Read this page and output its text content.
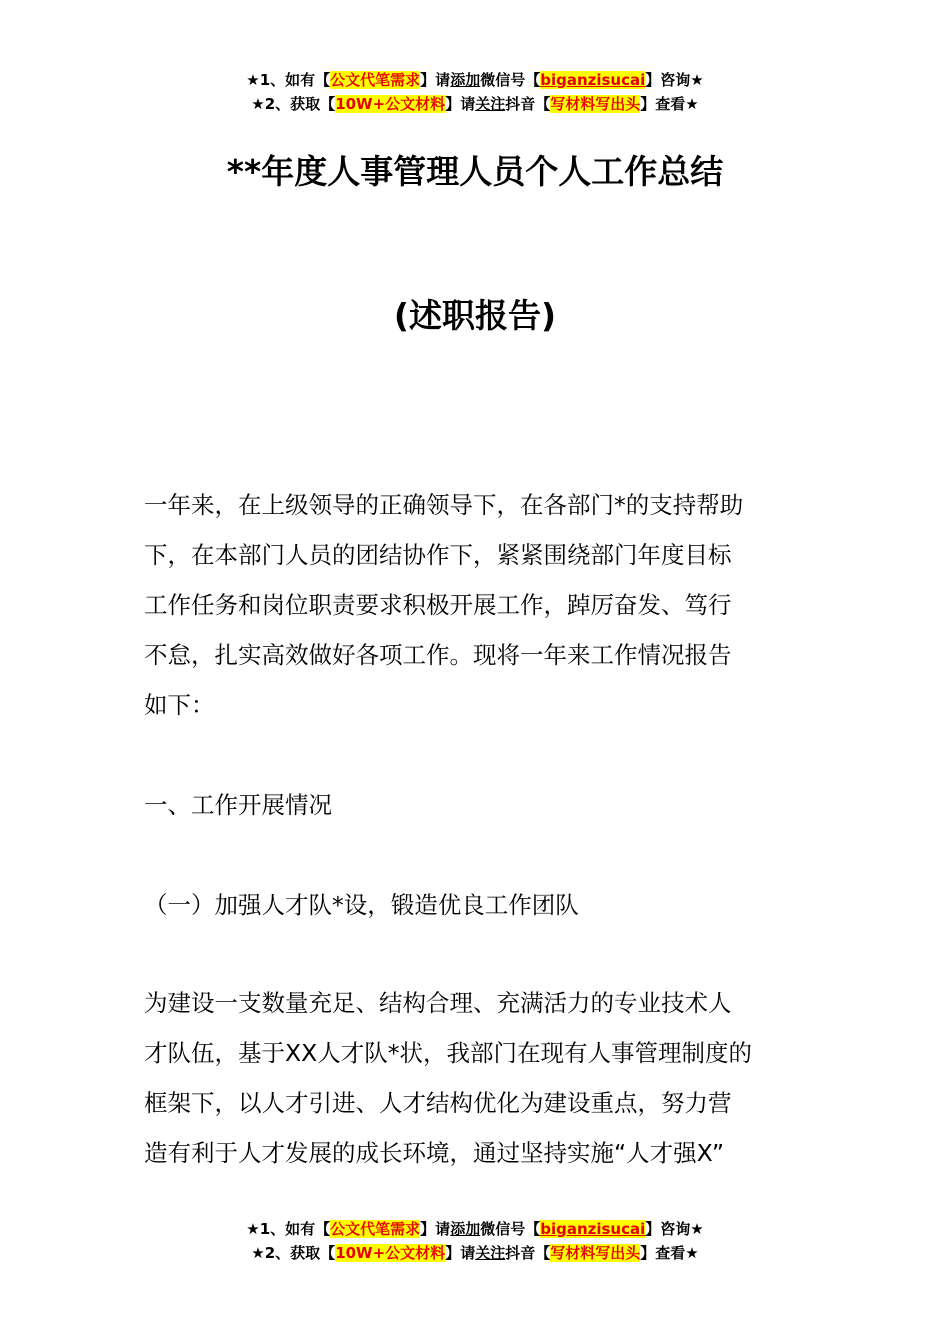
★1、如有【公文代笔需求】请添加微信号【biganzisucai】咨询★
★2、获取【10W+公文材料】请关注抖音【写材料写出头】查看★
**年度人事管理人员个人工作总结
(述职报告)
一年来，在上级领导的正确领导下，在各部门*的支持帮助
下，在本部门人员的团结协作下，紧紧围绕部门年度目标
工作任务和岗位职责要求积极开展工作，踔厉奋发、笃行
不怠，扎实高效做好各项工作。现将一年来工作情况报告
如下：
一、工作开展情况
（一）加强人才队*设，锻造优良工作团队
为建设一支数量充足、结构合理、充满活力的专业技术人
才队伍，基于XX人才队*状，我部门在现有人事管理制度的
框架下，以人才引进、人才结构优化为建设重点，努力营
造有利于人才发展的成长环境，通过坚持实施“人才强X”
★1、如有【公文代笔需求】请添加微信号【biganzisucai】咨询★
★2、获取【10W+公文材料】请关注抖音【写材料写出头】查看★
